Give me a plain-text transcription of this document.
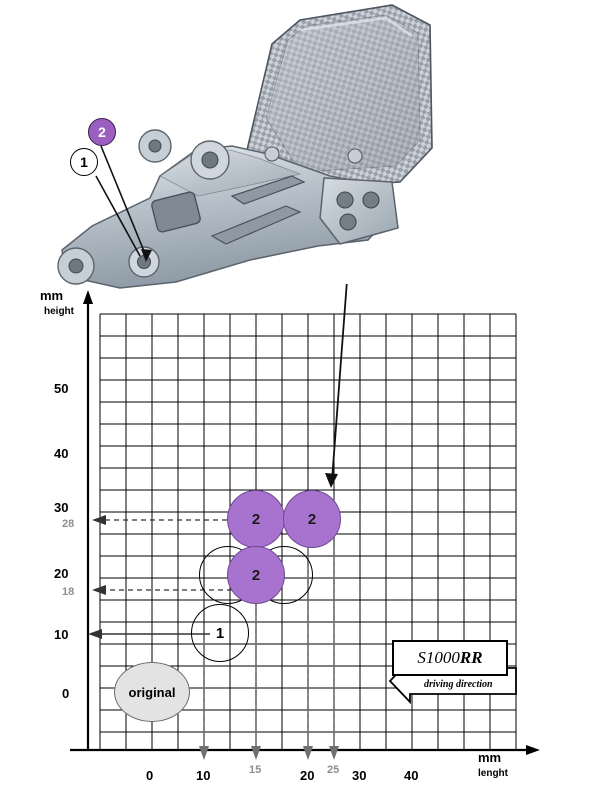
2
1
mm
height
mm
lenght
50
40
30
20
10
0
28
18
0	10	20	30	40
15	25
2	2
2
1
original
S1000 RR
driving direction
